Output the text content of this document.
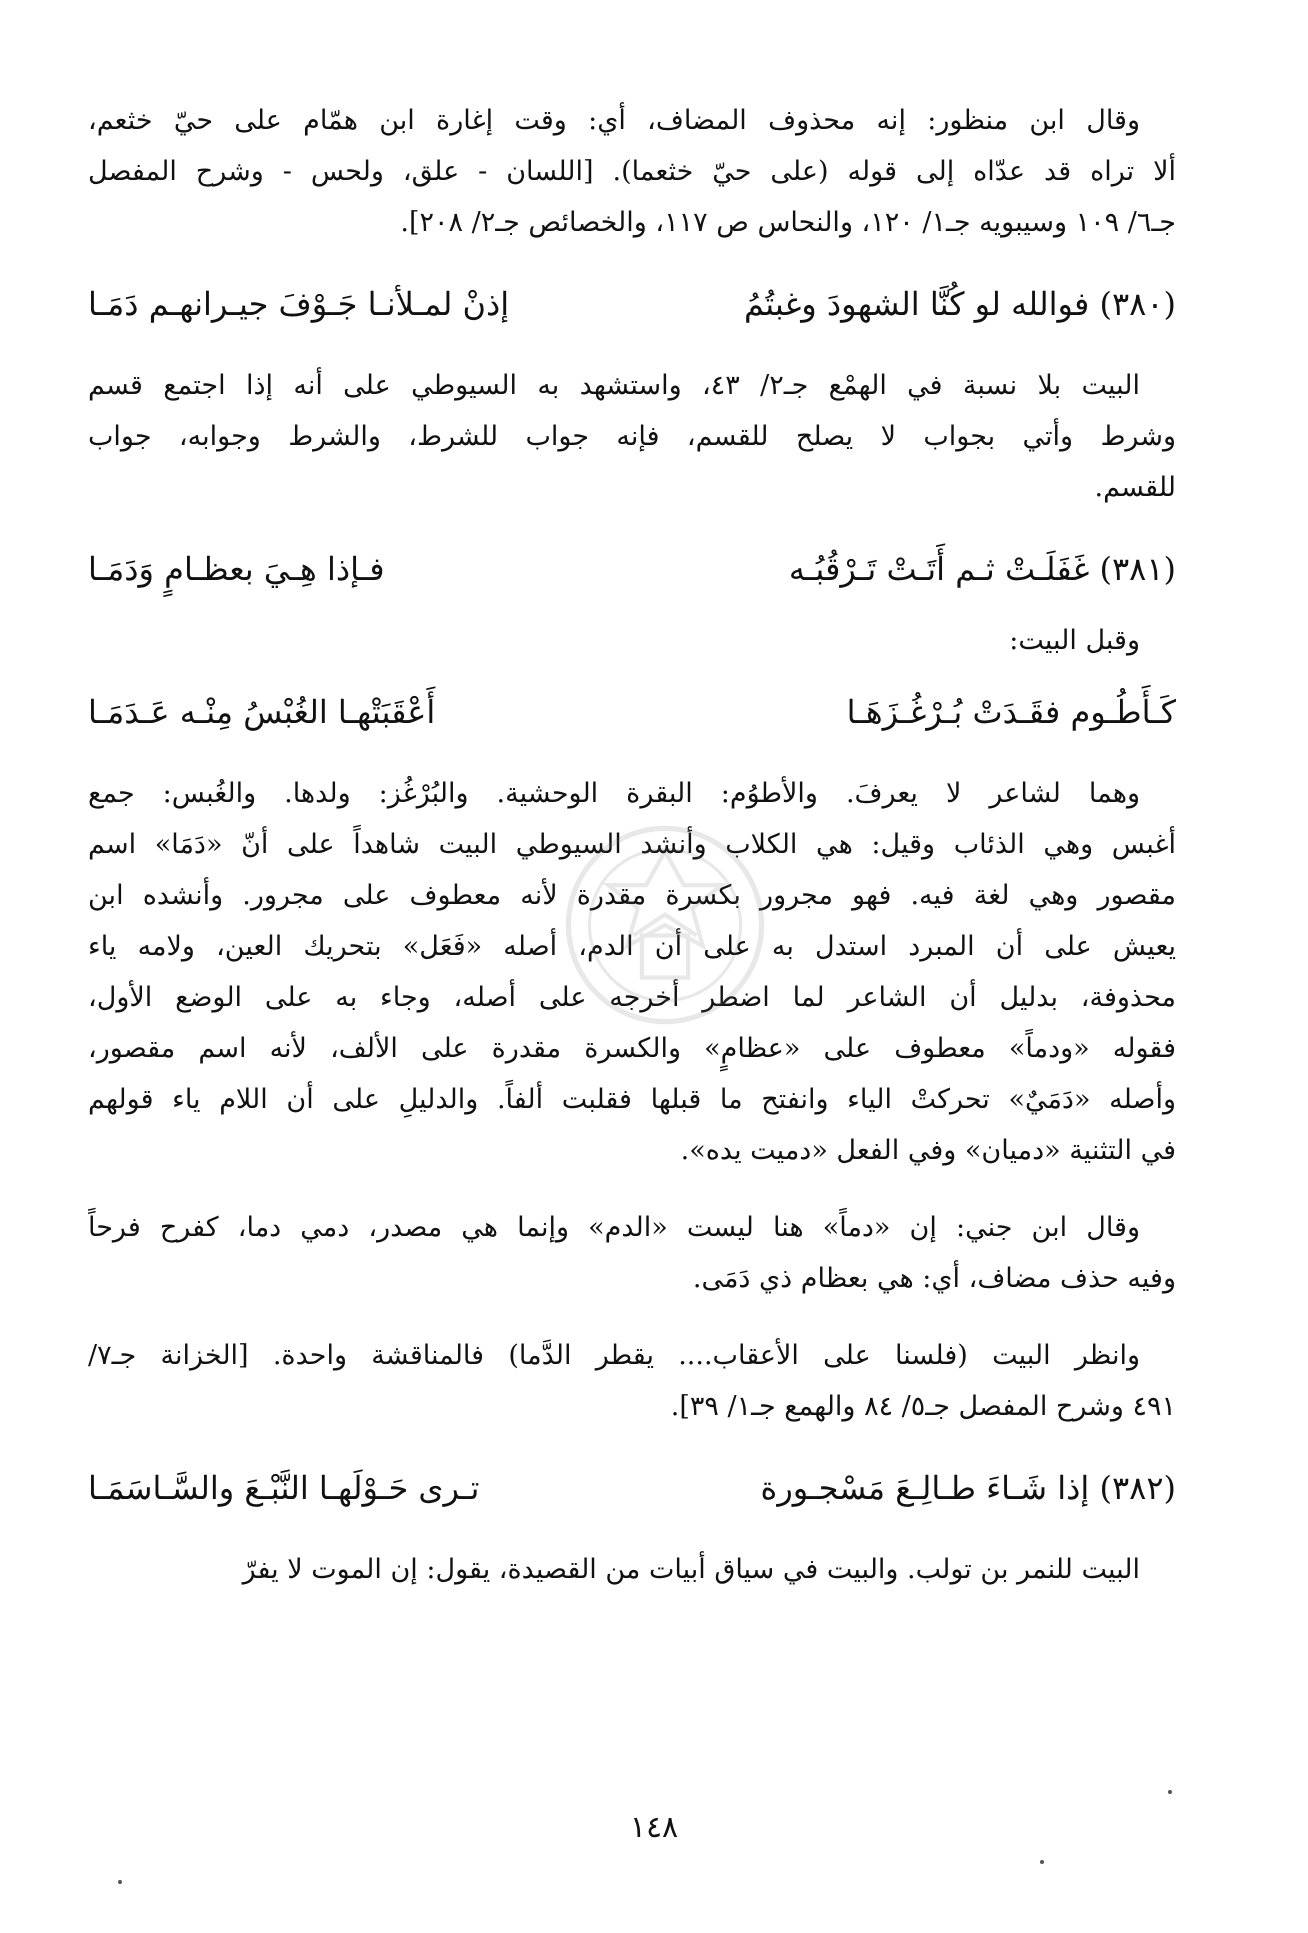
وقال ابن منظور: إنه محذوف المضاف، أي: وقت إغارة ابن همّام على حيّ خثعم،
ألا تراه قد عدّاه إلى قوله (على حيّ خثعما). [اللسان - علق، ولحس - وشرح المفصل
جـ٦/ ١٠٩ وسيبويه جـ١/ ١٢٠، والنحاس ص ١١٧، والخصائص جـ٢/ ٢٠٨].

(٣٨٠) فوالله لو كُنَّا الشهودَ وغبتُمُ
إذنْ لمـلأنـا جَـوْفَ جيـرانهـم دَمَـا

البيت بلا نسبة في الهمْع جـ٢/ ٤٣، واستشهد به السيوطي على أنه إذا اجتمع قسم
وشرط وأتي بجواب لا يصلح للقسم، فإنه جواب للشرط، والشرط وجوابه، جواب
للقسم.

(٣٨١) غَفَلَـتْ ثـم أَتَـتْ تَـرْقُبُـه
فـإذا هِـيَ بعظـامٍ وَدَمَـا

وقبل البيت:

كَـأَطُـوم فقَـدَتْ بُـرْغُـزَهَـا
أَعْقَبَتْهـا الغُبْسُ مِنْـه عَـدَمَـا

وهما لشاعر لا يعرفَ. والأطوُم: البقرة الوحشية. والبُرْغُز: ولدها. والغُبس: جمع
أغبس وهي الذئاب وقيل: هي الكلاب وأنشد السيوطي البيت شاهداً على أنّ «دَمَا» اسم
مقصور وهي لغة فيه. فهو مجرور بكسرة مقدرة لأنه معطوف على مجرور. وأنشده ابن
يعيش على أن المبرد استدل به على أن الدم، أصله «فَعَل» بتحريك العين، ولامه ياء
محذوفة، بدليل أن الشاعر لما اضطر أخرجه على أصله، وجاء به على الوضع الأول،
فقوله «ودماً» معطوف على «عظامٍ» والكسرة مقدرة على الألف، لأنه اسم مقصور،
وأصله «دَمَيٌ» تحركتْ الياء وانفتح ما قبلها فقلبت ألفاً. والدليلِ على أن اللام ياء قولهم
في التثنية «دميان» وفي الفعل «دميت يده».

وقال ابن جني: إن «دماً» هنا ليست «الدم» وإنما هي مصدر، دمي دما، كفرح فرحاً
وفيه حذف مضاف، أي: هي بعظام ذي دَمَى.

وانظر البيت (فلسنا على الأعقاب.... يقطر الدَّما) فالمناقشة واحدة. [الخزانة جـ٧/
٤٩١ وشرح المفصل جـ٥/ ٨٤ والهمع جـ١/ ٣٩].

(٣٨٢) إذا شَـاءَ طـالِـعَ مَسْجـورة
تـرى حَـوْلَهـا النَّبْـعَ والسَّـاسَمَـا

البيت للنمر بن تولب. والبيت في سياق أبيات من القصيدة، يقول: إن الموت لا يفرّ

١٤٨
